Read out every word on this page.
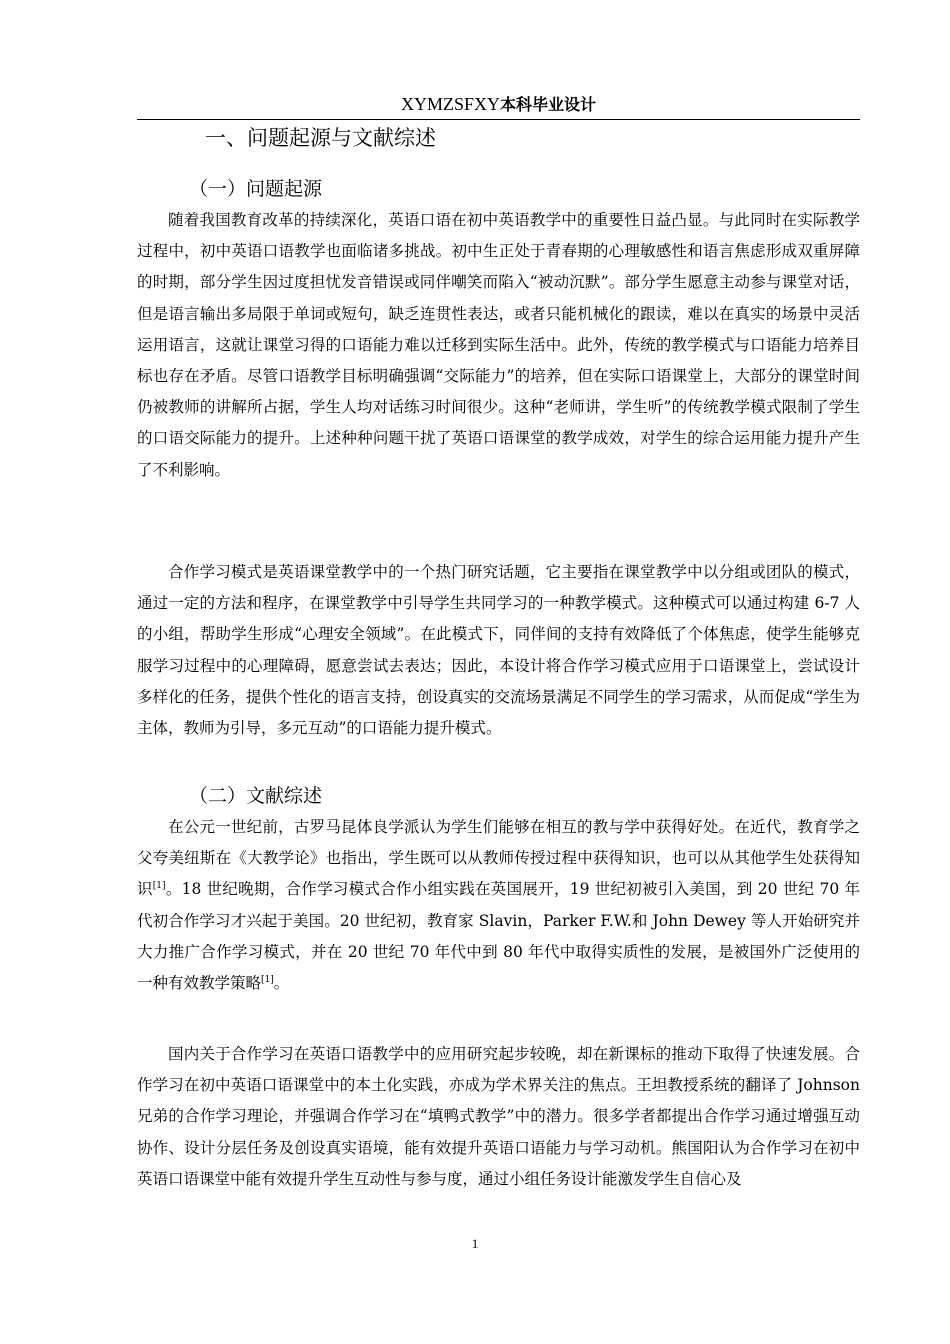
XYMZSFXY本科毕业设计
一、问题起源与文献综述
（一）问题起源

随着我国教育改革的持续深化，英语口语在初中英语教学中的重要性日益凸显。与此同时在实际教学过程中，初中英语口语教学也面临诸多挑战。初中生正处于青春期的心理敏感性和语言焦虑形成双重屏障的时期，部分学生因过度担忧发音错误或同伴嘲笑而陷入“被动沉默”。部分学生愿意主动参与课堂对话，但是语言输出多局限于单词或短句，缺乏连贯性表达，或者只能机械化的跟读，难以在真实的场景中灵活运用语言，这就让课堂习得的口语能力难以迁移到实际生活中。此外，传统的教学模式与口语能力培养目标也存在矛盾。尽管口语教学目标明确强调“交际能力”的培养，但在实际口语课堂上，大部分的课堂时间仍被教师的讲解所占据，学生人均对话练习时间很少。这种“老师讲，学生听”的传统教学模式限制了学生的口语交际能力的提升。上述种种问题干扰了英语口语课堂的教学成效，对学生的综合运用能力提升产生了不利影响。

合作学习模式是英语课堂教学中的一个热门研究话题，它主要指在课堂教学中以分组或团队的模式，通过一定的方法和程序，在课堂教学中引导学生共同学习的一种教学模式。这种模式可以通过构建 6-7 人的小组，帮助学生形成“心理安全领域”。在此模式下，同伴间的支持有效降低了个体焦虑，使学生能够克服学习过程中的心理障碍，愿意尝试去表达；因此，本设计将合作学习模式应用于口语课堂上，尝试设计多样化的任务，提供个性化的语言支持，创设真实的交流场景满足不同学生的学习需求，从而促成“学生为主体，教师为引导，多元互动”的口语能力提升模式。

（二）文献综述

在公元一世纪前，古罗马昆体良学派认为学生们能够在相互的教与学中获得好处。在近代，教育学之父夸美纽斯在《大教学论》也指出，学生既可以从教师传授过程中获得知识，也可以从其他学生处获得知识[1]。18 世纪晚期，合作学习模式合作小组实践在英国展开，19 世纪初被引入美国，到 20 世纪 70 年代初合作学习才兴起于美国。20 世纪初，教育家 Slavin，Parker F.W.和 John Dewey 等人开始研究并大力推广合作学习模式，并在 20 世纪 70 年代中到 80 年代中取得实质性的发展，是被国外广泛使用的一种有效教学策略[1]。

国内关于合作学习在英语口语教学中的应用研究起步较晚，却在新课标的推动下取得了快速发展。合作学习在初中英语口语课堂中的本土化实践，亦成为学术界关注的焦点。王坦教授系统的翻译了 Johnson 兄弟的合作学习理论，并强调合作学习在“填鸭式教学”中的潜力。很多学者都提出合作学习通过增强互动协作、设计分层任务及创设真实语境，能有效提升英语口语能力与学习动机。熊国阳认为合作学习在初中英语口语课堂中能有效提升学生互动性与参与度，通过小组任务设计能激发学生自信心及

1
